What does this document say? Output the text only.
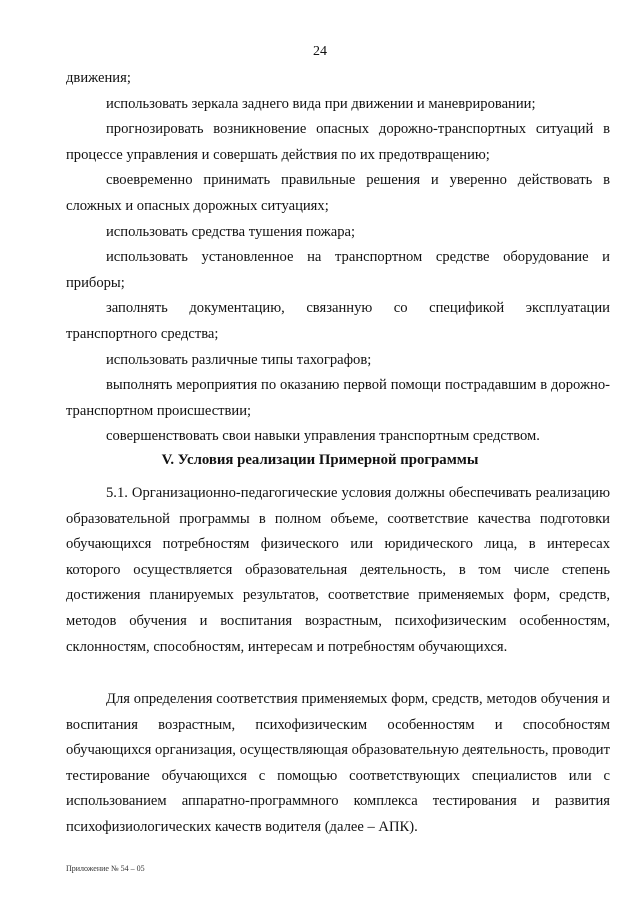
24

движения;

использовать зеркала заднего вида при движении и маневрировании;

прогнозировать возникновение опасных дорожно-транспортных ситуаций в процессе управления и совершать действия по их предотвращению;

своевременно принимать правильные решения и уверенно действовать в сложных и опасных дорожных ситуациях;

использовать средства тушения пожара;

использовать установленное на транспортном средстве оборудование и приборы;

заполнять документацию, связанную со спецификой эксплуатации транспортного средства;

использовать различные типы тахографов;

выполнять мероприятия по оказанию первой помощи пострадавшим в дорожно-транспортном происшествии;

совершенствовать свои навыки управления транспортным средством.

V. Условия реализации Примерной программы

5.1. Организационно-педагогические условия должны обеспечивать реализацию образовательной программы в полном объеме, соответствие качества подготовки обучающихся потребностям физического или юридического лица, в интересах которого осуществляется образовательная деятельность, в том числе степень достижения планируемых результатов, соответствие применяемых форм, средств, методов обучения и воспитания возрастным, психофизическим особенностям, склонностям, способностям, интересам и потребностям обучающихся.

Для определения соответствия применяемых форм, средств, методов обучения и воспитания возрастным, психофизическим особенностям и способностям обучающихся организация, осуществляющая образовательную деятельность, проводит тестирование обучающихся с помощью соответствующих специалистов или с использованием аппаратно-программного комплекса тестирования и развития психофизиологических качеств водителя (далее – АПК).

Приложение № 54 – 05
